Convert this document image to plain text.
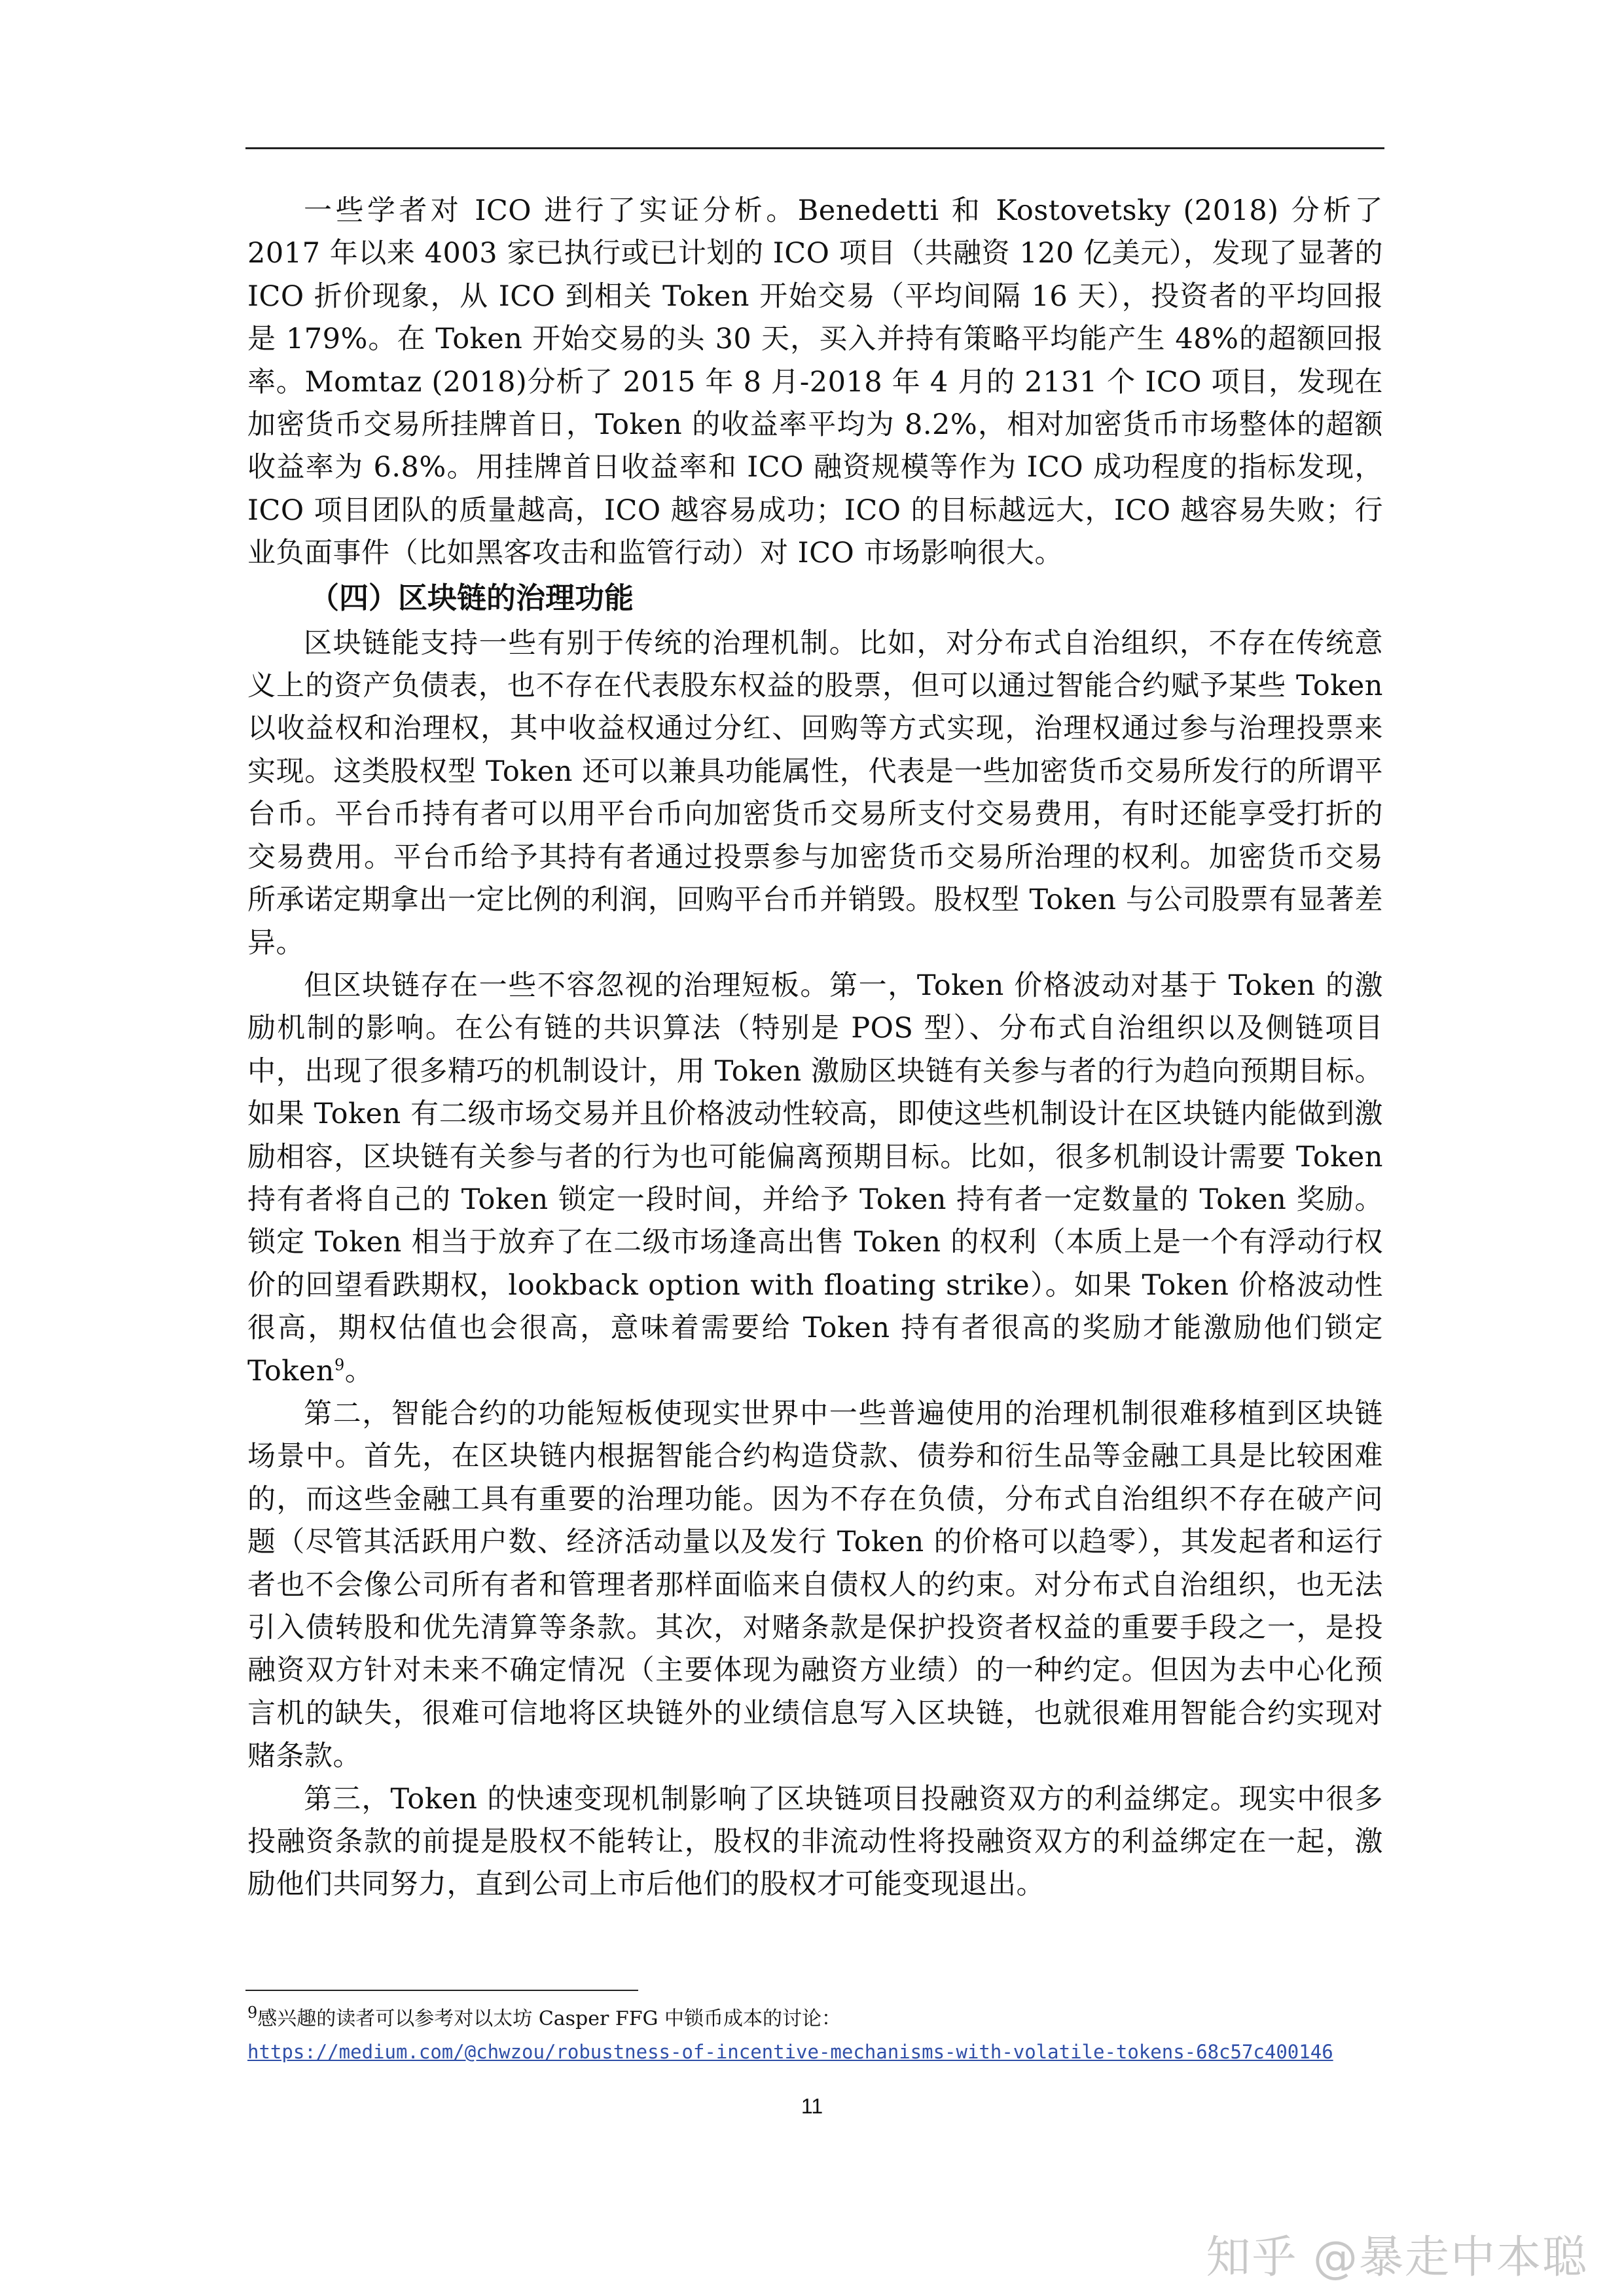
一些学者对 ICO 进行了实证分析。Benedetti 和 Kostovetsky (2018) 分析了 2017 年以来 4003 家已执行或已计划的 ICO 项目（共融资 120 亿美元），发现了显著的 ICO 折价现象，从 ICO 到相关 Token 开始交易（平均间隔 16 天），投资者的平均回报是 179%。在 Token 开始交易的头 30 天，买入并持有策略平均能产生 48%的超额回报率。Momtaz (2018)分析了 2015 年 8 月-2018 年 4 月的 2131 个 ICO 项目，发现在加密货币交易所挂牌首日，Token 的收益率平均为 8.2%，相对加密货币市场整体的超额收益率为 6.8%。用挂牌首日收益率和 ICO 融资规模等作为 ICO 成功程度的指标发现，ICO 项目团队的质量越高，ICO 越容易成功；ICO 的目标越远大，ICO 越容易失败；行业负面事件（比如黑客攻击和监管行动）对 ICO 市场影响很大。

（四）区块链的治理功能

区块链能支持一些有别于传统的治理机制。比如，对分布式自治组织，不存在传统意义上的资产负债表，也不存在代表股东权益的股票，但可以通过智能合约赋予某些 Token 以收益权和治理权，其中收益权通过分红、回购等方式实现，治理权通过参与治理投票来实现。这类股权型 Token 还可以兼具功能属性，代表是一些加密货币交易所发行的所谓平台币。平台币持有者可以用平台币向加密货币交易所支付交易费用，有时还能享受打折的交易费用。平台币给予其持有者通过投票参与加密货币交易所治理的权利。加密货币交易所承诺定期拿出一定比例的利润，回购平台币并销毁。股权型 Token 与公司股票有显著差异。

但区块链存在一些不容忽视的治理短板。第一，Token 价格波动对基于 Token 的激励机制的影响。在公有链的共识算法（特别是 POS 型）、分布式自治组织以及侧链项目中，出现了很多精巧的机制设计，用 Token 激励区块链有关参与者的行为趋向预期目标。如果 Token 有二级市场交易并且价格波动性较高，即使这些机制设计在区块链内能做到激励相容，区块链有关参与者的行为也可能偏离预期目标。比如，很多机制设计需要 Token 持有者将自己的 Token 锁定一段时间，并给予 Token 持有者一定数量的 Token 奖励。锁定 Token 相当于放弃了在二级市场逢高出售 Token 的权利（本质上是一个有浮动行权价的回望看跌期权，lookback option with floating strike）。如果 Token 价格波动性很高，期权估值也会很高，意味着需要给 Token 持有者很高的奖励才能激励他们锁定 Token$^9$。

第二，智能合约的功能短板使现实世界中一些普遍使用的治理机制很难移植到区块链场景中。首先，在区块链内根据智能合约构造贷款、债券和衍生品等金融工具是比较困难的，而这些金融工具有重要的治理功能。因为不存在负债，分布式自治组织不存在破产问题（尽管其活跃用户数、经济活动量以及发行 Token 的价格可以趋零），其发起者和运行者也不会像公司所有者和管理者那样面临来自债权人的约束。对分布式自治组织，也无法引入债转股和优先清算等条款。其次，对赌条款是保护投资者权益的重要手段之一，是投融资双方针对未来不确定情况（主要体现为融资方业绩）的一种约定。但因为去中心化预言机的缺失，很难可信地将区块链外的业绩信息写入区块链，也就很难用智能合约实现对赌条款。

第三，Token 的快速变现机制影响了区块链项目投融资双方的利益绑定。现实中很多投融资条款的前提是股权不能转让，股权的非流动性将投融资双方的利益绑定在一起，激励他们共同努力，直到公司上市后他们的股权才可能变现退出。

$^9$感兴趣的读者可以参考对以太坊 Casper FFG 中锁币成本的讨论：
https://medium.com/@chwzou/robustness-of-incentive-mechanisms-with-volatile-tokens-68c57c400146
11
知乎 @暴走中本聪
